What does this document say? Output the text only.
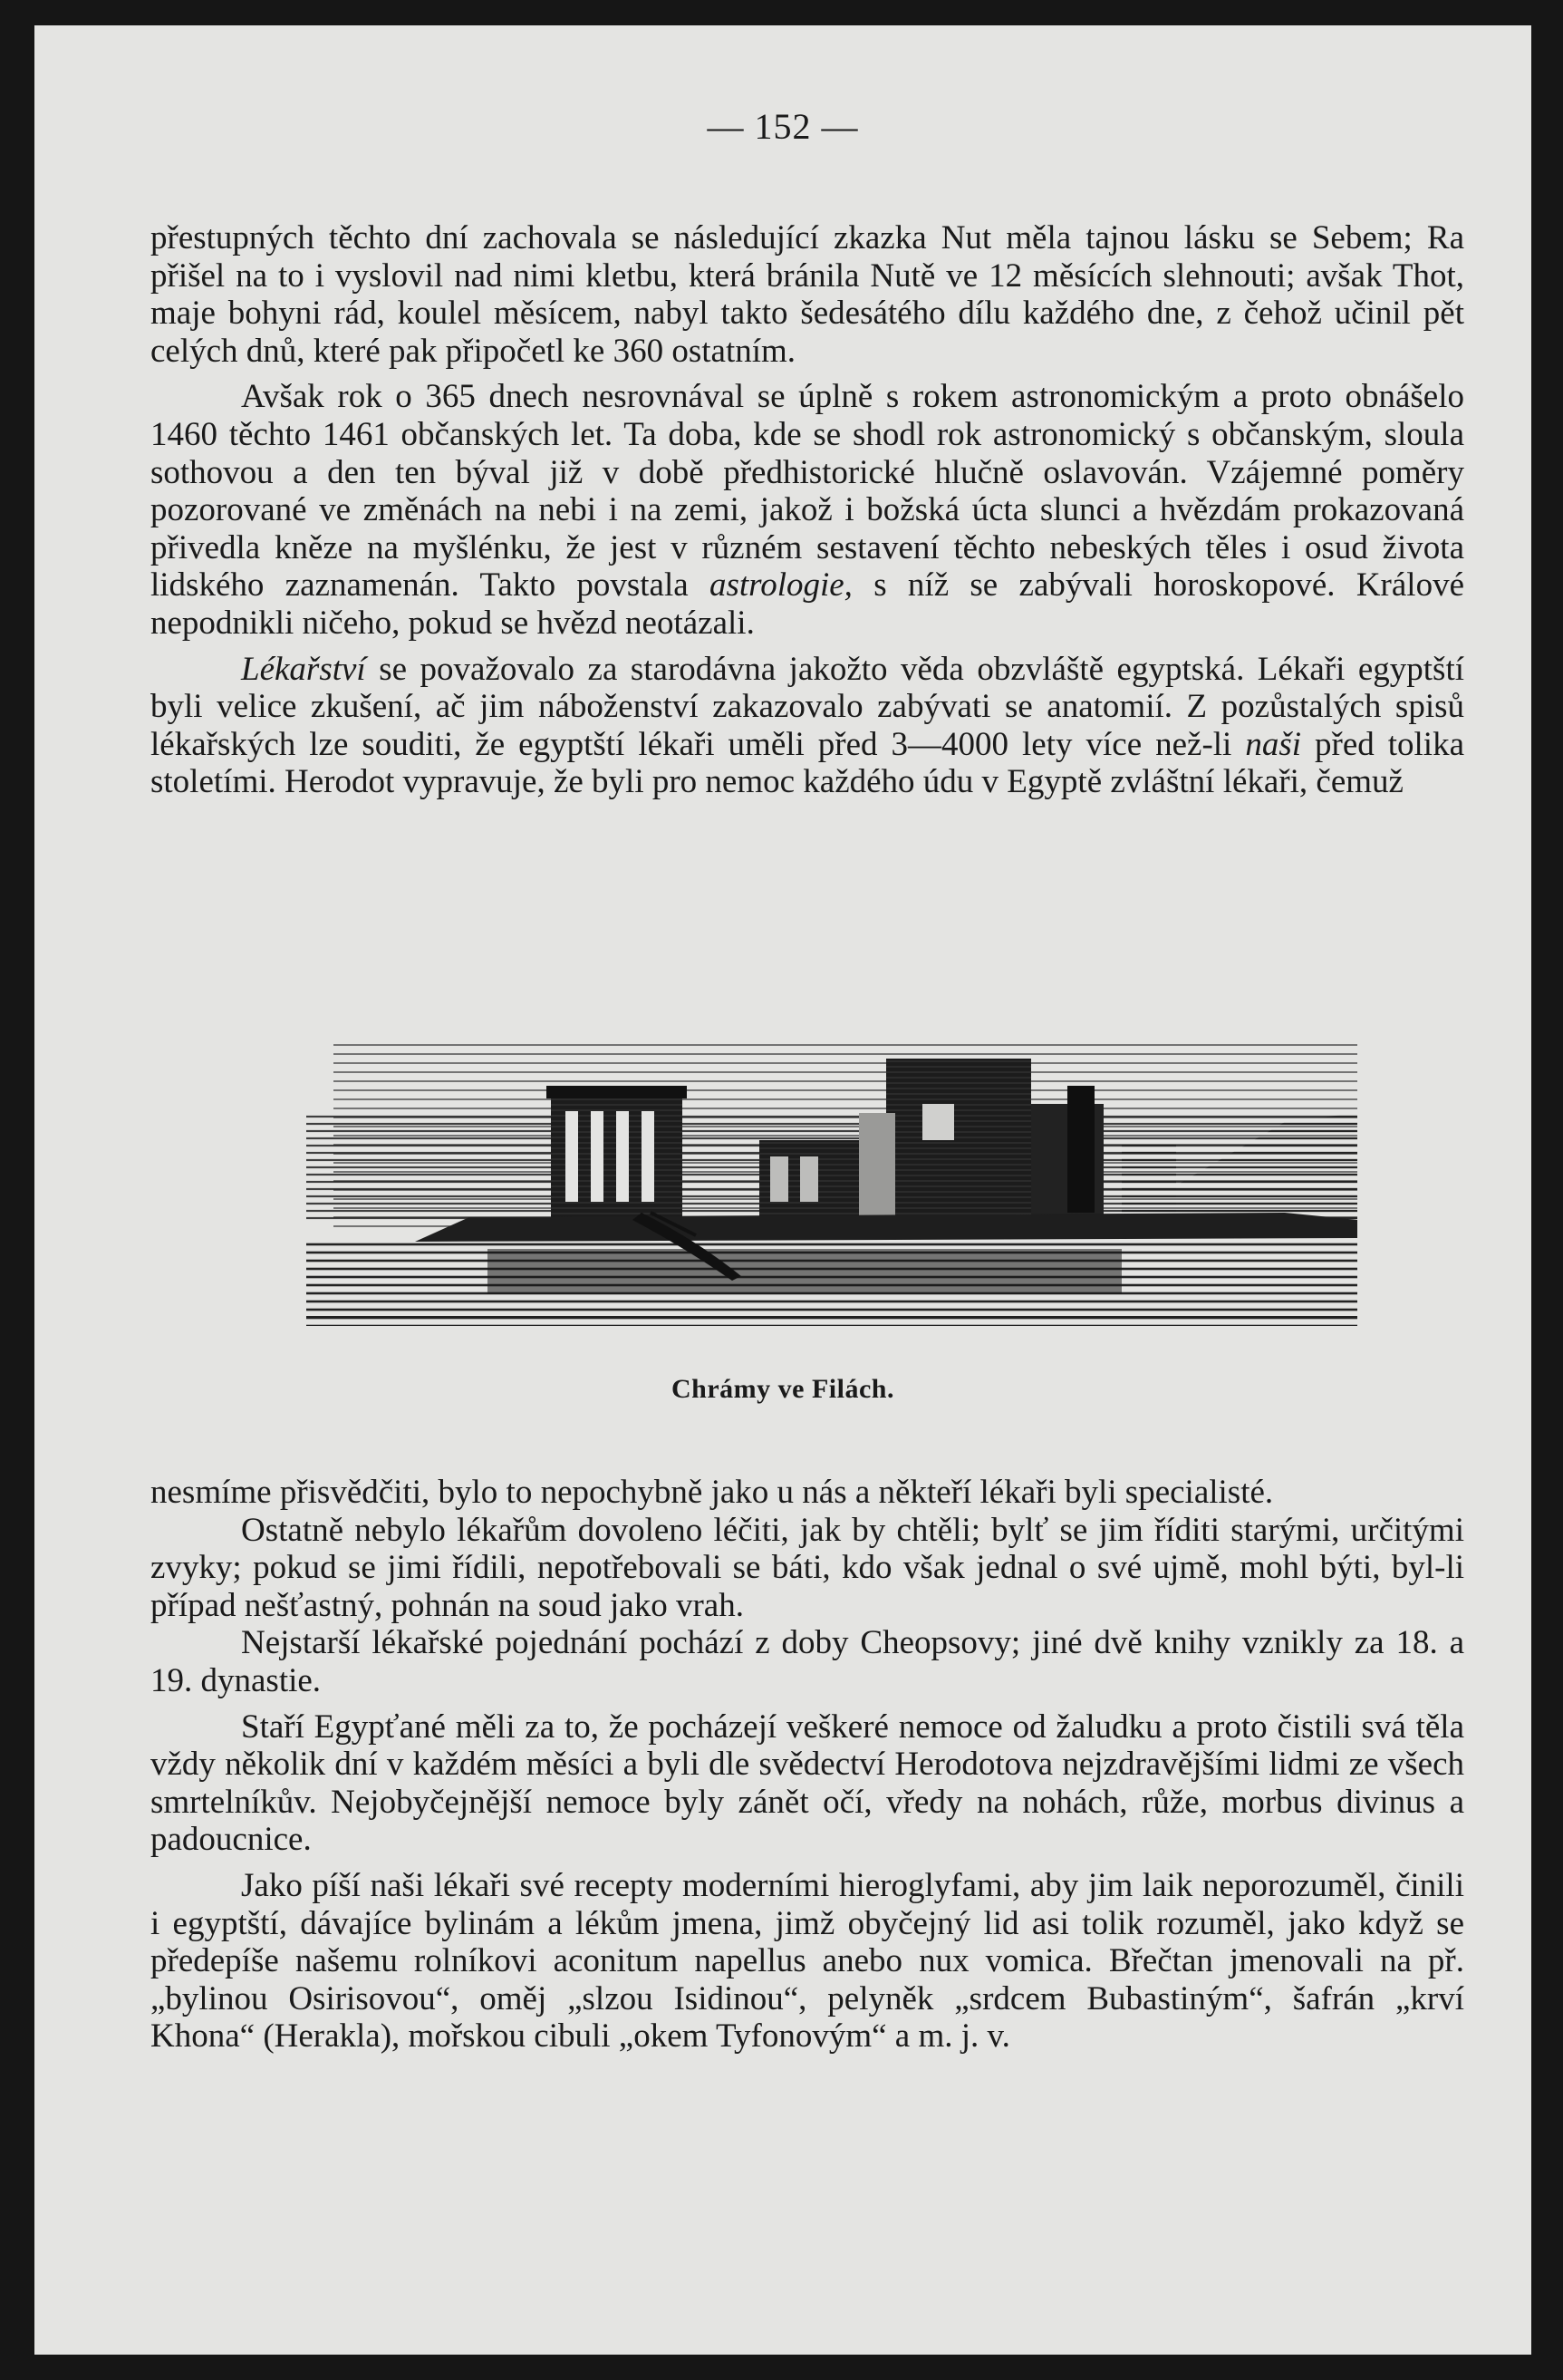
— 152 —

přestupných těchto dní zachovala se následující zkazka Nut měla tajnou lásku se Sebem; Ra přišel na to i vyslovil nad nimi kletbu, která bránila Nutě ve 12 měsících slehnouti; avšak Thot, maje bohyni rád, koulel měsícem, nabyl takto šedesátého dílu každého dne, z čehož učinil pět celých dnů, které pak připočetl ke 360 ostatním.

Avšak rok o 365 dnech nesrovnával se úplně s rokem astronomickým a proto obnášelo 1460 těchto 1461 občanských let. Ta doba, kde se shodl rok astronomický s občanským, sloula sothovou a den ten býval již v době předhistorické hlučně oslavován. Vzájemné poměry pozorované ve změnách na nebi i na zemi, jakož i božská úcta slunci a hvězdám prokazovaná přivedla kněze na myšlénku, že jest v různém sestavení těchto nebeských těles i osud života lidského zaznamenán. Takto povstala astrologie, s níž se zabývali horoskopové. Králové nepodnikli ničeho, pokud se hvězd neotázali.

Lékařství se považovalo za starodávna jakožto věda obzvláště egyptská. Lékaři egyptští byli velice zkušení, ač jim náboženství zakazovalo zabývati se anatomií. Z pozůstalých spisů lékařských lze souditi, že egyptští lékaři uměli před 3—4000 lety více než-li naši před tolika stoletími. Herodot vypravuje, že byli pro nemoc každého údu v Egyptě zvláštní lékaři, čemuž

Chrámy ve Filách.

nesmíme přisvědčiti, bylo to nepochybně jako u nás a někteří lékaři byli specialisté.

Ostatně nebylo lékařům dovoleno léčiti, jak by chtěli; bylť se jim říditi starými, určitými zvyky; pokud se jimi řídili, nepotřebovali se báti, kdo však jednal o své ujmě, mohl býti, byl-li případ nešťastný, pohnán na soud jako vrah.

Nejstarší lékařské pojednání pochází z doby Cheopsovy; jiné dvě knihy vznikly za 18. a 19. dynastie.

Staří Egypťané měli za to, že pocházejí veškeré nemoce od žaludku a proto čistili svá těla vždy několik dní v každém měsíci a byli dle svědectví Herodotova nejzdravějšími lidmi ze všech smrtelníkův. Nejobyčejnější nemoce byly zánět očí, vředy na nohách, růže, morbus divinus a padoucnice.

Jako píší naši lékaři své recepty moderními hieroglyfami, aby jim laik neporozuměl, činili i egyptští, dávajíce bylinám a lékům jmena, jimž obyčejný lid asi tolik rozuměl, jako když se předepíše našemu rolníkovi aconitum napellus anebo nux vomica. Břečtan jmenovali na př. „bylinou Osirisovou“, oměj „slzou Isidinou“, pelyněk „srdcem Bubastiným“, šafrán „krví Khona“ (Herakla), mořskou cibuli „okem Tyfonovým“ a m. j. v.
